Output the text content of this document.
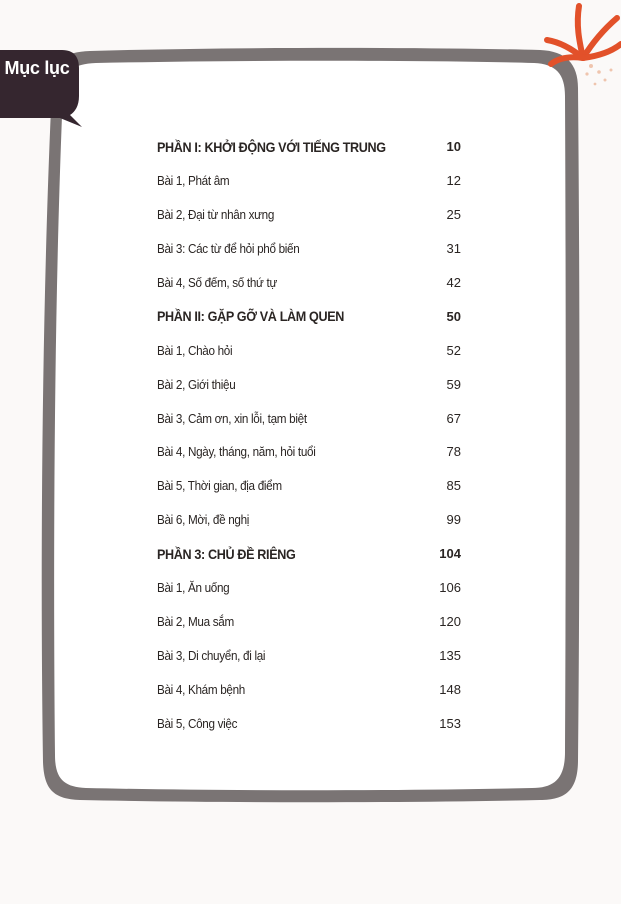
Mục lục
PHẦN I: KHỞI ĐỘNG VỚI TIẾNG TRUNG	10
Bài 1, Phát âm	12
Bài 2, Đại từ nhân xưng	25
Bài 3: Các từ để hỏi phổ biến	31
Bài 4, Số đếm, số thứ tự	42
PHẦN II: GẶP GỠ VÀ LÀM QUEN	50
Bài 1, Chào hỏi	52
Bài 2, Giới thiệu	59
Bài 3, Cảm ơn, xin lỗi, tạm biệt	67
Bài 4, Ngày, tháng, năm, hỏi tuổi	78
Bài 5, Thời gian, địa điểm	85
Bài 6, Mời, đề nghị	99
PHẦN 3: CHỦ ĐỀ RIÊNG	104
Bài 1, Ăn uống	106
Bài 2, Mua sắm	120
Bài 3, Di chuyển, đi lại	135
Bài 4, Khám bệnh	148
Bài 5, Công việc	153
